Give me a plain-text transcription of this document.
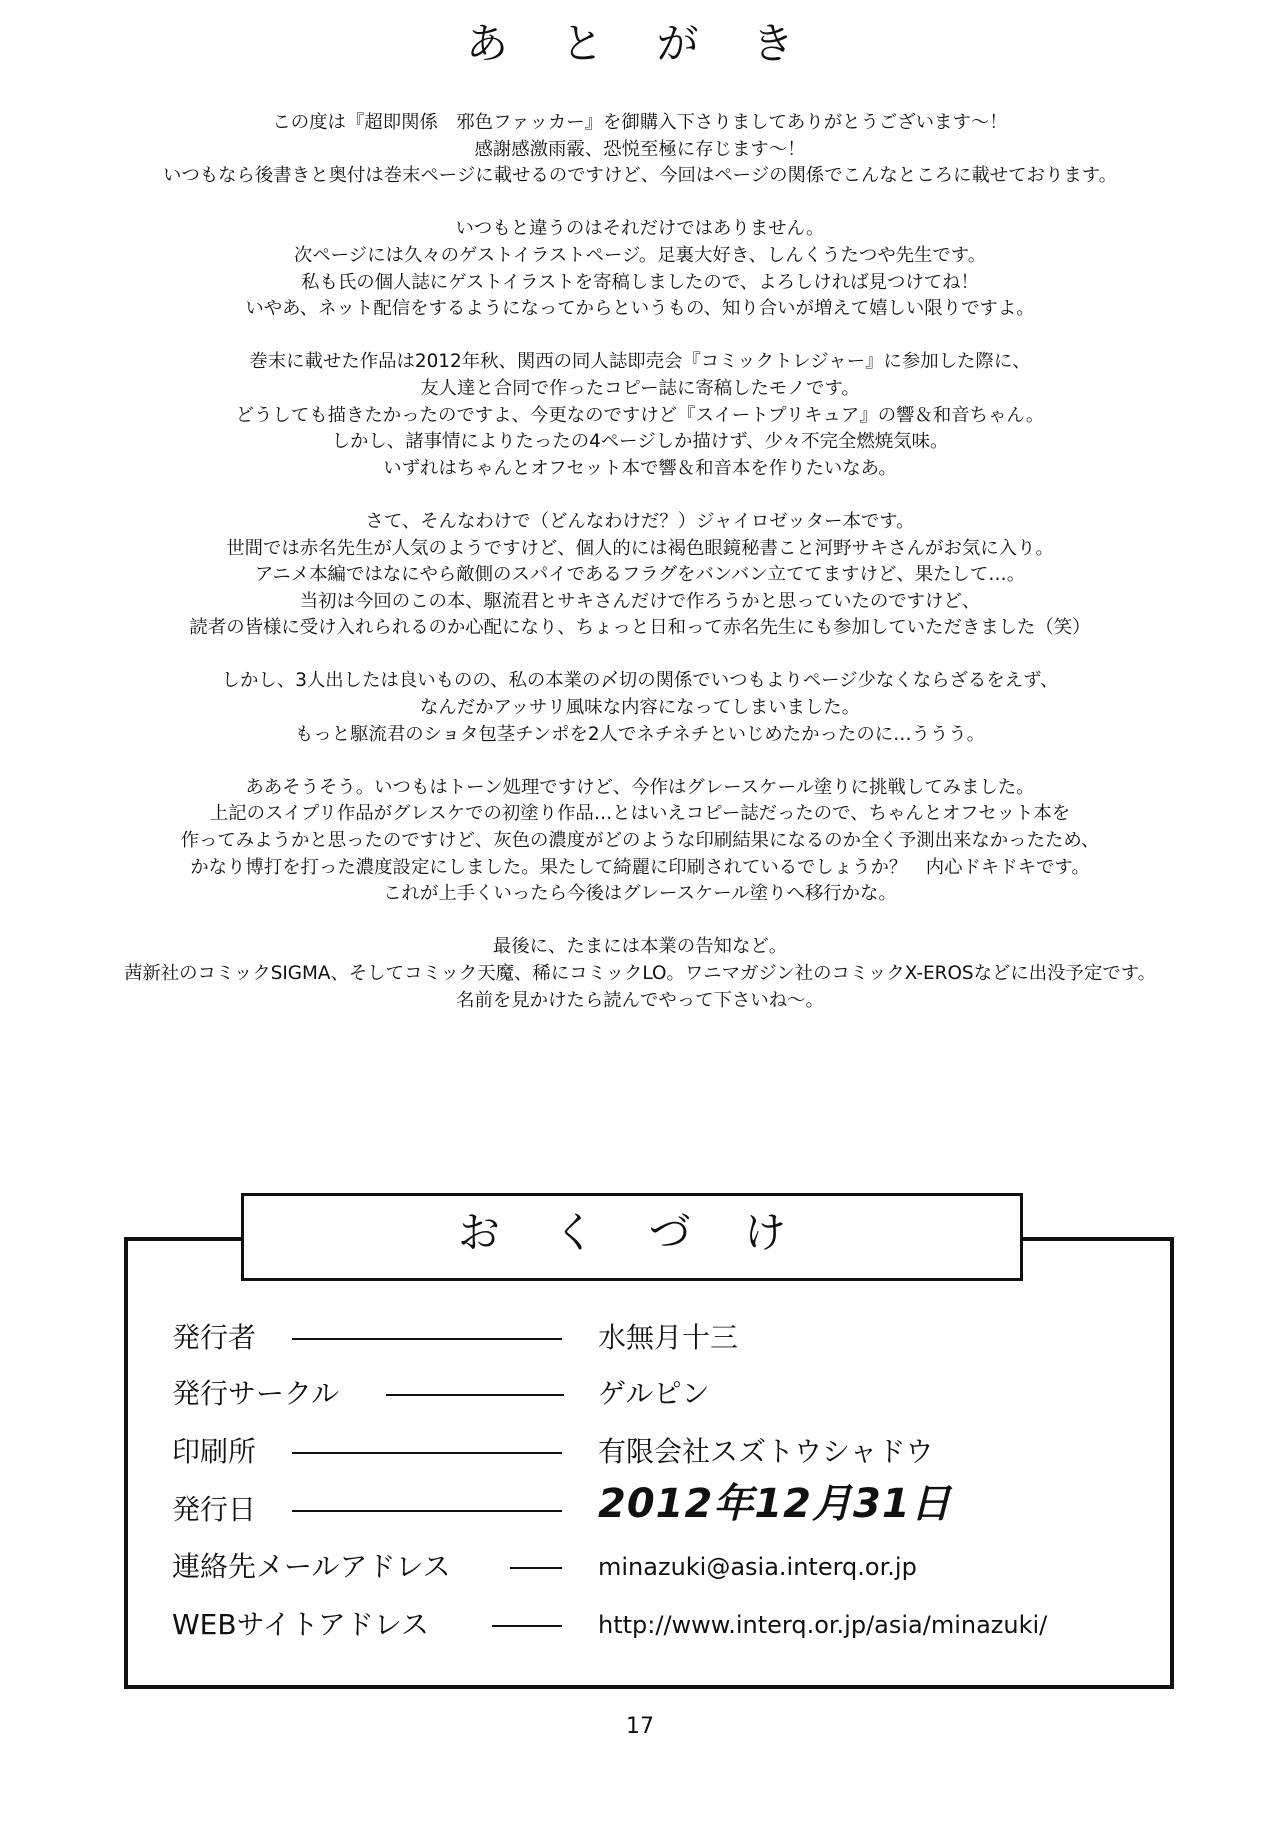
あ と が き
この度は『超即関係　邪色ファッカー』を御購入下さりましてありがとうございます～！
感謝感激雨霰、恐悦至極に存じます～！
いつもなら後書きと奥付は巻末ページに載せるのですけど、今回はページの関係でこんなところに載せております。
いつもと違うのはそれだけではありません。
次ページには久々のゲストイラストページ。足裏大好き、しんくうたつや先生です。
私も氏の個人誌にゲストイラストを寄稿しましたので、よろしければ見つけてね！
いやあ、ネット配信をするようになってからというもの、知り合いが増えて嬉しい限りですよ。
巻末に載せた作品は2012年秋、関西の同人誌即売会『コミックトレジャー』に参加した際に、
友人達と合同で作ったコピー誌に寄稿したモノです。
どうしても描きたかったのですよ、今更なのですけど『スイートプリキュア』の響＆和音ちゃん。
しかし、諸事情によりたったの4ページしか描けず、少々不完全燃焼気味。
いずれはちゃんとオフセット本で響＆和音本を作りたいなあ。
さて、そんなわけで（どんなわけだ？）ジャイロゼッター本です。
世間では赤名先生が人気のようですけど、個人的には褐色眼鏡秘書こと河野サキさんがお気に入り。
アニメ本編ではなにやら敵側のスパイであるフラグをバンバン立ててますけど、果たして…。
当初は今回のこの本、駆流君とサキさんだけで作ろうかと思っていたのですけど、
読者の皆様に受け入れられるのか心配になり、ちょっと日和って赤名先生にも参加していただきました（笑）
しかし、3人出したは良いものの、私の本業の〆切の関係でいつもよりページ少なくならざるをえず、
なんだかアッサリ風味な内容になってしまいました。
もっと駆流君のショタ包茎チンポを2人でネチネチといじめたかったのに…ううう。
ああそうそう。いつもはトーン処理ですけど、今作はグレースケール塗りに挑戦してみました。
上記のスイプリ作品がグレスケでの初塗り作品…とはいえコピー誌だったので、ちゃんとオフセット本を
作ってみようかと思ったのですけど、灰色の濃度がどのような印刷結果になるのか全く予測出来なかったため、
かなり博打を打った濃度設定にしました。果たして綺麗に印刷されているでしょうか？　内心ドキドキです。
これが上手くいったら今後はグレースケール塗りへ移行かな。
最後に、たまには本業の告知など。
茜新社のコミックSIGMA、そしてコミック天魔、稀にコミックLO。ワニマガジン社のコミックX-EROSなどに出没予定です。
名前を見かけたら読んでやって下さいね～。
お く づ け
発行者	水無月十三
発行サークル	ゲルピン
印刷所	有限会社スズトウシャドウ
発行日	2012年12月31日
連絡先メールアドレス	minazuki@asia.interq.or.jp
WEBサイトアドレス	http://www.interq.or.jp/asia/minazuki/
17
